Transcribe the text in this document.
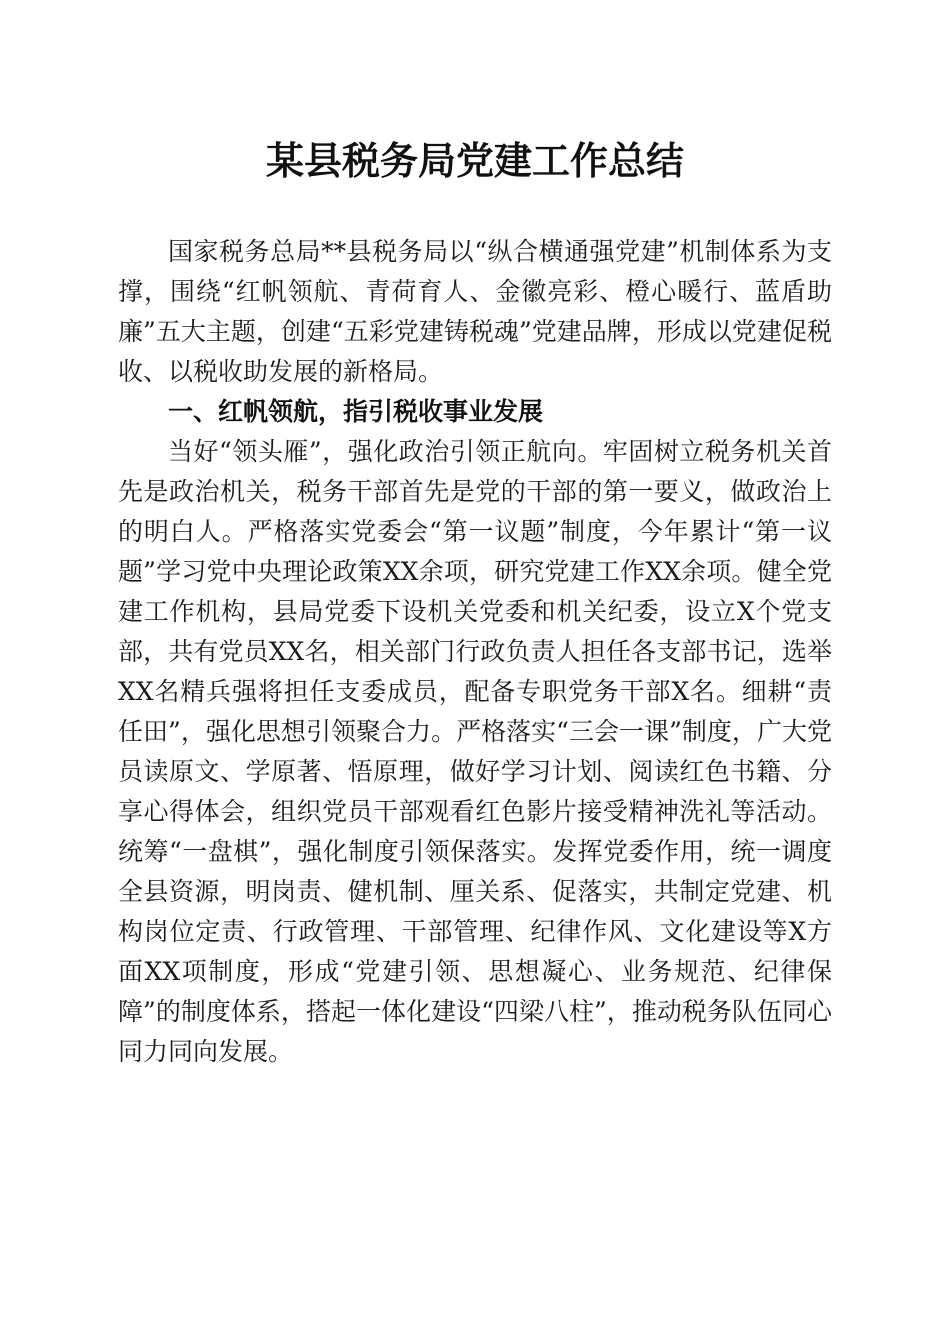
某县税务局党建工作总结

国家税务总局**县税务局以“纵合横通强党建”机制体系为支撑，围绕“红帆领航、青荷育人、金徽亮彩、橙心暖行、蓝盾助廉”五大主题，创建“五彩党建铸税魂”党建品牌，形成以党建促税收、以税收助发展的新格局。

一、红帆领航，指引税收事业发展

当好“领头雁”，强化政治引领正航向。牢固树立税务机关首先是政治机关，税务干部首先是党的干部的第一要义，做政治上的明白人。严格落实党委会“第一议题”制度，今年累计“第一议题”学习党中央理论政策XX余项，研究党建工作XX余项。健全党建工作机构，县局党委下设机关党委和机关纪委，设立X个党支部，共有党员XX名，相关部门行政负责人担任各支部书记，选举XX名精兵强将担任支委成员，配备专职党务干部X名。细耕“责任田”，强化思想引领聚合力。严格落实“三会一课”制度，广大党员读原文、学原著、悟原理，做好学习计划、阅读红色书籍、分享心得体会，组织党员干部观看红色影片接受精神洗礼等活动。统筹“一盘棋”，强化制度引领保落实。发挥党委作用，统一调度全县资源，明岗责、健机制、厘关系、促落实，共制定党建、机构岗位定责、行政管理、干部管理、纪律作风、文化建设等X方面XX项制度，形成“党建引领、思想凝心、业务规范、纪律保障”的制度体系，搭起一体化建设“四梁八柱”，推动税务队伍同心同力同向发展。
